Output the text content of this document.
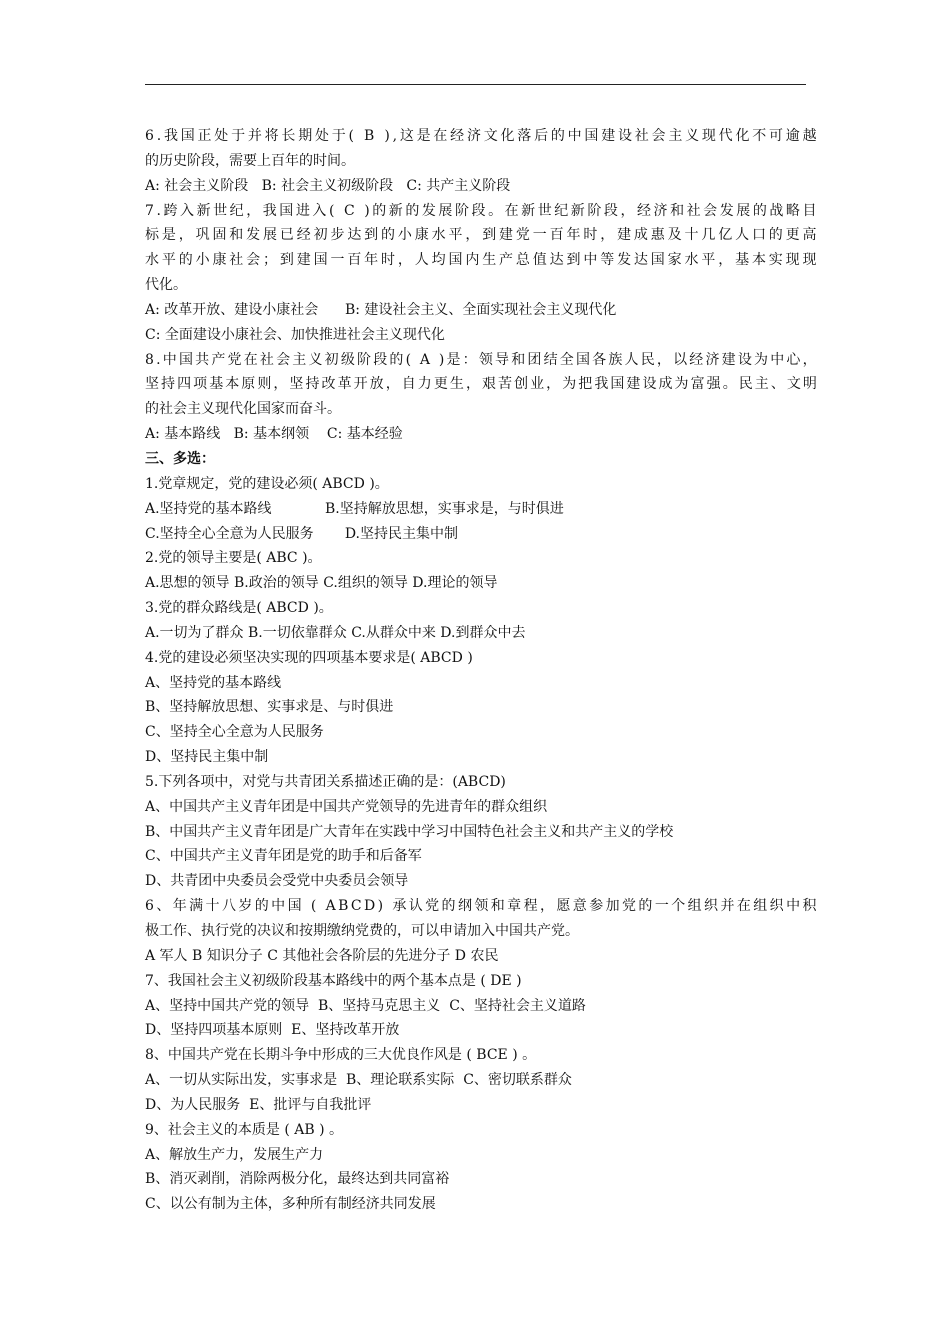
6 . 我 国 正 处 于 并 将 长 期 处 于 (
B
) , 这 是 在 经 济 文 化 落 后 的 中 国 建 设 社 会 主 义 现 代 化 不 可 逾 越
的历史阶段，需要上百年的时间。
A: 社会主义阶段   B: 社会主义初级阶段   C: 共产主义阶段
7 . 跨 入 新 世 纪 ， 我 国 进 入 (
C
) 的 新 的 发 展 阶 段 。 在 新 世 纪 新 阶 段 ， 经 济 和 社 会 发 展 的 战 略 目
标 是 ， 巩 固 和 发 展 已 经 初 步 达 到 的 小 康 水 平 ， 到 建 党 一 百 年 时 ， 建 成 惠 及 十 几 亿 人 口 的 更 高
水 平 的 小 康 社 会 ； 到 建 国 一 百 年 时 ， 人 均 国 内 生 产 总 值 达 到 中 等 发 达 国 家 水 平 ， 基 本 实 现 现
代化。
A: 改革开放、建设小康社会      B: 建设社会主义、全面实现社会主义现代化
C: 全面建设小康社会、加快推进社会主义现代化
8 . 中 国 共 产 党 在 社 会 主 义 初 级 阶 段 的 (
A
) 是 ： 领 导 和 团 结 全 国 各 族 人 民 ， 以 经 济 建 设 为 中 心 ，
坚 持 四 项 基 本 原 则 ， 坚 持 改 革 开 放 ， 自 力 更 生 ， 艰 苦 创 业 ， 为 把 我 国 建 设 成 为 富 强 。 民 主 、 文 明
的社会主义现代化国家而奋斗。
A: 基本路线   B: 基本纲领    C: 基本经验
三、多选：
1.党章规定，党的建设必须( ABCD )。
A.坚持党的基本路线            B.坚持解放思想，实事求是，与时俱进
C.坚持全心全意为人民服务       D.坚持民主集中制
2.党的领导主要是( ABC )。
A.思想的领导 B.政治的领导 C.组织的领导 D.理论的领导
3.党的群众路线是( ABCD )。
A.一切为了群众 B.一切依靠群众 C.从群众中来 D.到群众中去
4.党的建设必须坚决实现的四项基本要求是( ABCD )
A、坚持党的基本路线
B、坚持解放思想、实事求是、与时俱进
C、坚持全心全意为人民服务
D、坚持民主集中制
5.下列各项中，对党与共青团关系描述正确的是：(ABCD)
A、中国共产主义青年团是中国共产党领导的先进青年的群众组织
B、中国共产主义青年团是广大青年在实践中学习中国特色社会主义和共产主义的学校
C、中国共产主义青年团是党的助手和后备军
D、共青团中央委员会受党中央委员会领导
6 、 年 满 十 八 岁 的 中 国
(
A B C D )
承 认 党 的 纲 领 和 章 程 ， 愿 意 参 加 党 的 一 个 组 织 并 在 组 织 中 积
极工作、执行党的决议和按期缴纳党费的，可以申请加入中国共产党。
A 军人 B 知识分子 C 其他社会各阶层的先进分子 D 农民
7、我国社会主义初级阶段基本路线中的两个基本点是 ( DE )
A、坚持中国共产党的领导  B、坚持马克思主义  C、坚持社会主义道路
D、坚持四项基本原则  E、坚持改革开放
8、中国共产党在长期斗争中形成的三大优良作风是 ( BCE ) 。
A、一切从实际出发，实事求是  B、理论联系实际  C、密切联系群众
D、为人民服务  E、批评与自我批评
9、社会主义的本质是 ( AB ) 。
A、解放生产力，发展生产力
B、消灭剥削，消除两极分化，最终达到共同富裕
C、以公有制为主体，多种所有制经济共同发展
